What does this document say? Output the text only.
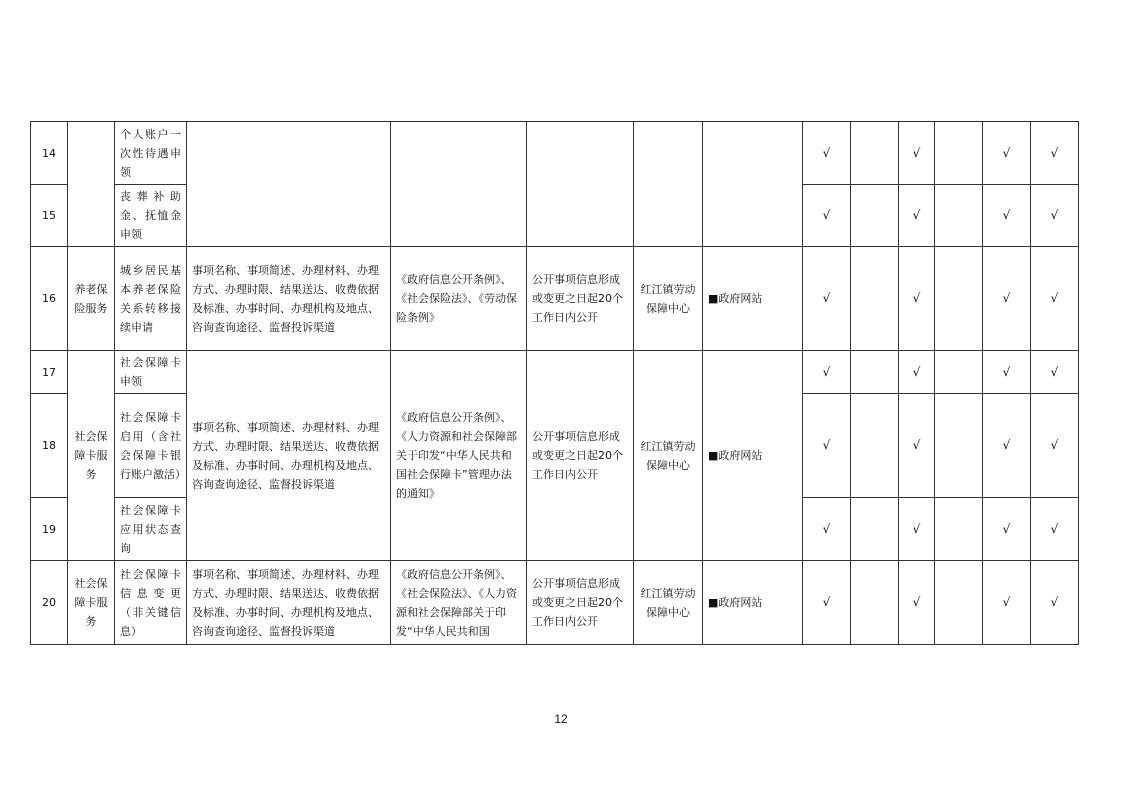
14		个人账户一次性待遇申领						√		√		√	√
15		丧葬补助金、抚恤金申领						√		√		√	√
16	养老保险服务	城乡居民基本养老保险关系转移接续申请	事项名称、事项简述、办理材料、办理方式、办理时限、结果送达、收费依据及标准、办事时间、办理机构及地点、咨询查询途径、监督投诉渠道	《政府信息公开条例》、《社会保险法》、《劳动保险条例》	公开事项信息形成或变更之日起20个工作日内公开	红江镇劳动保障中心	■政府网站	√		√		√	√
17	社会保障卡服务	社会保障卡申领	事项名称、事项简述、办理材料、办理方式、办理时限、结果送达、收费依据及标准、办事时间、办理机构及地点、咨询查询途径、监督投诉渠道	《政府信息公开条例》、《人力资源和社会保障部关于印发“中华人民共和国社会保障卡”管理办法的通知》	公开事项信息形成或变更之日起20个工作日内公开	红江镇劳动保障中心	■政府网站	√		√		√	√
18		社会保障卡启用（含社会保障卡银行账户激活）						√		√		√	√
19		社会保障卡应用状态查询						√		√		√	√
20	社会保障卡服务	社会保障卡信息变更（非关键信息）	事项名称、事项简述、办理材料、办理方式、办理时限、结果送达、收费依据及标准、办事时间、办理机构及地点、咨询查询途径、监督投诉渠道	《政府信息公开条例》、《社会保险法》、《人力资源和社会保障部关于印发“中华人民共和国	公开事项信息形成或变更之日起20个工作日内公开	红江镇劳动保障中心	■政府网站	√		√		√	√
12
